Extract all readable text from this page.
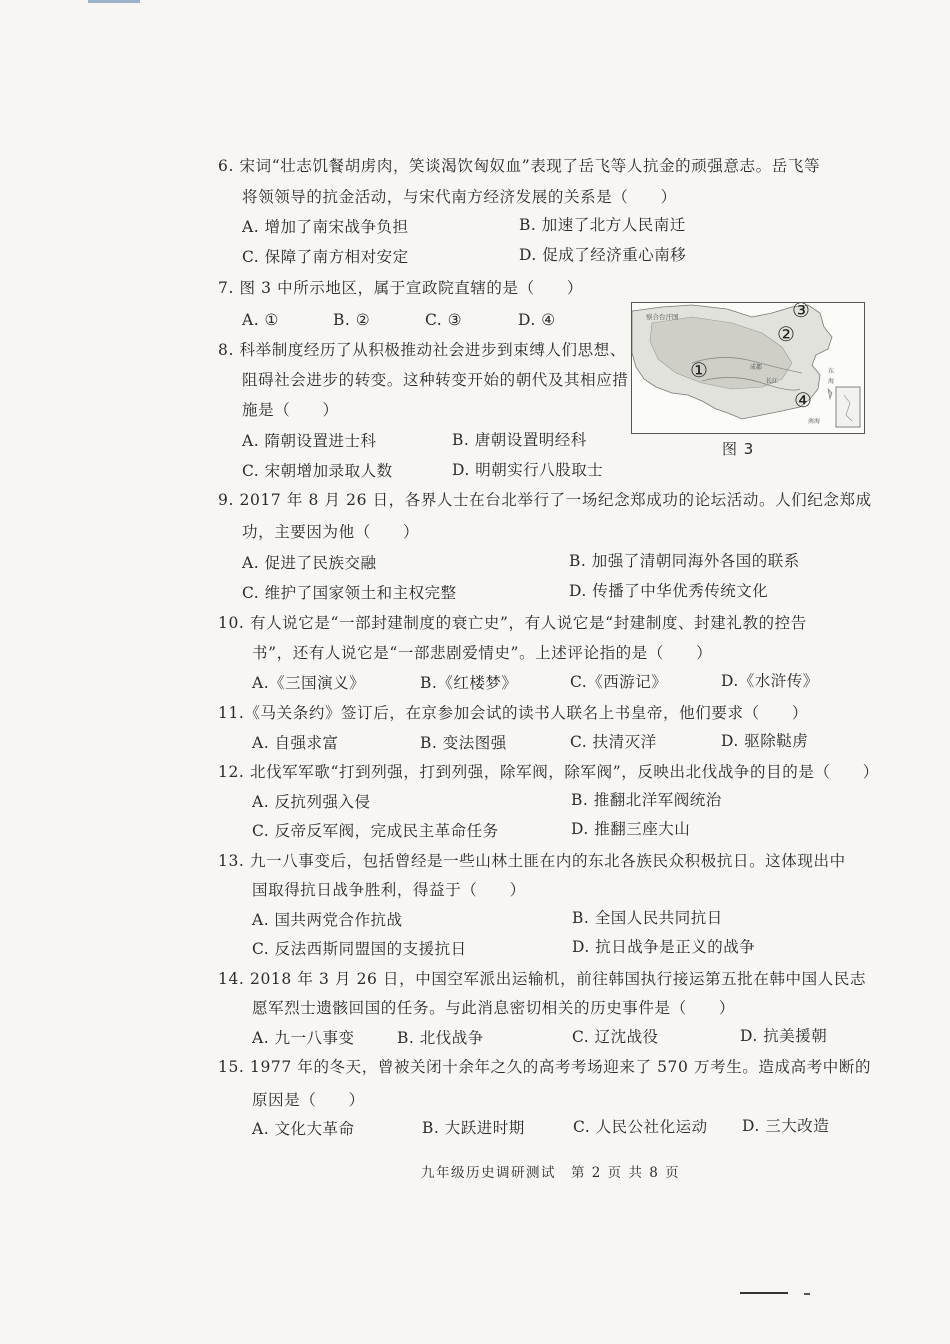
6. 宋词“壮志饥餐胡虏肉，笑谈渴饮匈奴血”表现了岳飞等人抗金的顽强意志。岳飞等
将领领导的抗金活动，与宋代南方经济发展的关系是（　　）
A. 增加了南宋战争负担	B. 加速了北方人民南迁
C. 保障了南方相对安定	D. 促成了经济重心南移
7. 图 3 中所示地区，属于宣政院直辖的是（　　）
A. ①	B. ②	C. ③	D. ④	察合台汗国
成都
长江
南海
东
海
①
②
③
④
图 3
8. 科举制度经历了从积极推动社会进步到束缚人们思想、
阻碍社会进步的转变。这种转变开始的朝代及其相应措
施是（　　）
A. 隋朝设置进士科	B. 唐朝设置明经科
C. 宋朝增加录取人数	D. 明朝实行八股取士
9. 2017 年 8 月 26 日，各界人士在台北举行了一场纪念郑成功的论坛活动。人们纪念郑成
功，主要因为他（　　）
A. 促进了民族交融	B. 加强了清朝同海外各国的联系
C. 维护了国家领土和主权完整	D. 传播了中华优秀传统文化
10. 有人说它是“一部封建制度的衰亡史”，有人说它是“封建制度、封建礼教的控告
书”，还有人说它是“一部悲剧爱情史”。上述评论指的是（　　）
A.《三国演义》	B.《红楼梦》	C.《西游记》	D.《水浒传》
11.《马关条约》签订后，在京参加会试的读书人联名上书皇帝，他们要求（　　）
A. 自强求富	B. 变法图强	C. 扶清灭洋	D. 驱除鞑虏
12. 北伐军军歌“打到列强，打到列强，除军阀，除军阀”，反映出北伐战争的目的是（　　）
A. 反抗列强入侵	B. 推翻北洋军阀统治
C. 反帝反军阀，完成民主革命任务	D. 推翻三座大山
13. 九一八事变后，包括曾经是一些山林土匪在内的东北各族民众积极抗日。这体现出中
国取得抗日战争胜利，得益于（　　）
A. 国共两党合作抗战	B. 全国人民共同抗日
C. 反法西斯同盟国的支援抗日	D. 抗日战争是正义的战争
14. 2018 年 3 月 26 日，中国空军派出运输机，前往韩国执行接运第五批在韩中国人民志
愿军烈士遗骸回国的任务。与此消息密切相关的历史事件是（　　）
A. 九一八事变	B. 北伐战争	C. 辽沈战役	D. 抗美援朝
15. 1977 年的冬天，曾被关闭十余年之久的高考考场迎来了 570 万考生。造成高考中断的
原因是（　　）
A. 文化大革命	B. 大跃进时期	C. 人民公社化运动 D. 三大改造
九年级历史调研测试　第 2 页 共 8 页
